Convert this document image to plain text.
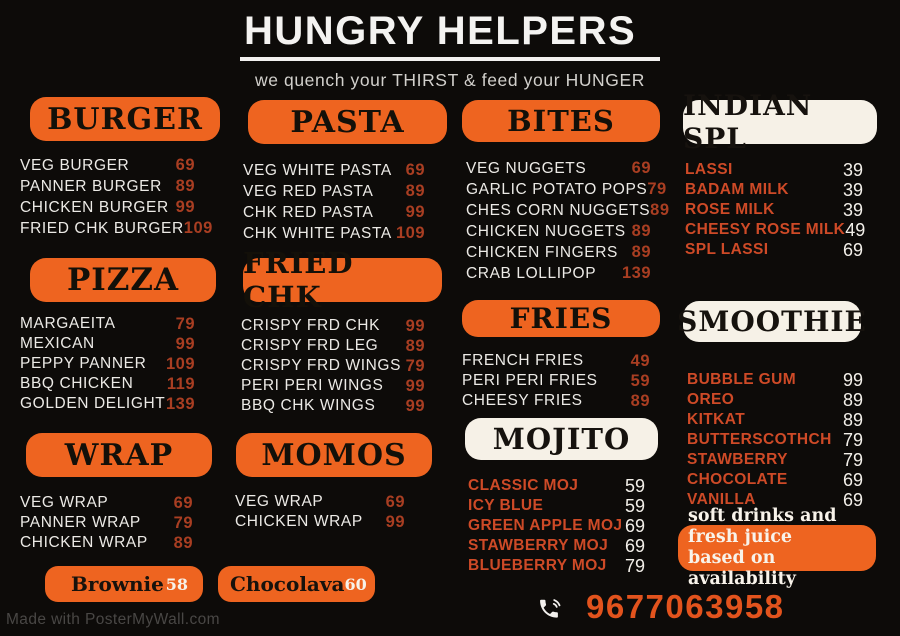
HUNGRY HELPERS

we quench your THIRST & feed your HUNGER

BURGER
VEG BURGER	69
PANNER BURGER 89
CHICKEN BURGER 99
FRIED CHK BURGER 109
PIZZA
MARGAEITA	79
MEXICAN	99
PEPPY PANNER	109
BBQ CHICKEN	119
GOLDEN DELIGHT 139
WRAP
VEG WRAP	69
PANNER WRAP	79
CHICKEN WRAP	89
PASTA
VEG WHITE PASTA 69
VEG RED PASTA	89
CHK RED PASTA	99
CHK WHITE PASTA 109
FRIED CHK
CRISPY FRD CHK	99
CRISPY FRD LEG	89
CRISPY FRD WINGS 79
PERI PERI WINGS	99
BBQ CHK WINGS	99
MOMOS
VEG WRAP	69
CHICKEN WRAP	99
BITES
VEG NUGGETS	69
GARLIC POTATO POPS 79
CHES CORN NUGGETS 89
CHICKEN NUGGETS 89
CHICKEN FINGERS 89
CRAB LOLLIPOP	139
FRIES
FRENCH FRIES	49
PERI PERI FRIES	59
CHEESY FRIES	89
MOJITO
CLASSIC MOJ	59
ICY BLUE	59
GREEN APPLE MOJ 69
STAWBERRY MOJ 69
BLUEBERRY MOJ	79
INDIAN SPL
LASSI	39
BADAM MILK	39
ROSE MILK	39
CHEESY ROSE MILK 49
SPL LASSI	69
SMOOTHIE
BUBBLE GUM	99
OREO	89
KITKAT	89
BUTTERSCOTHCH 79
STAWBERRY	79
CHOCOLATE	69
VANILLA	69
Brownie 58	Chocolava 60

soft drinks and fresh juice
based on availability

9677063958
Made with PosterMyWall.com
